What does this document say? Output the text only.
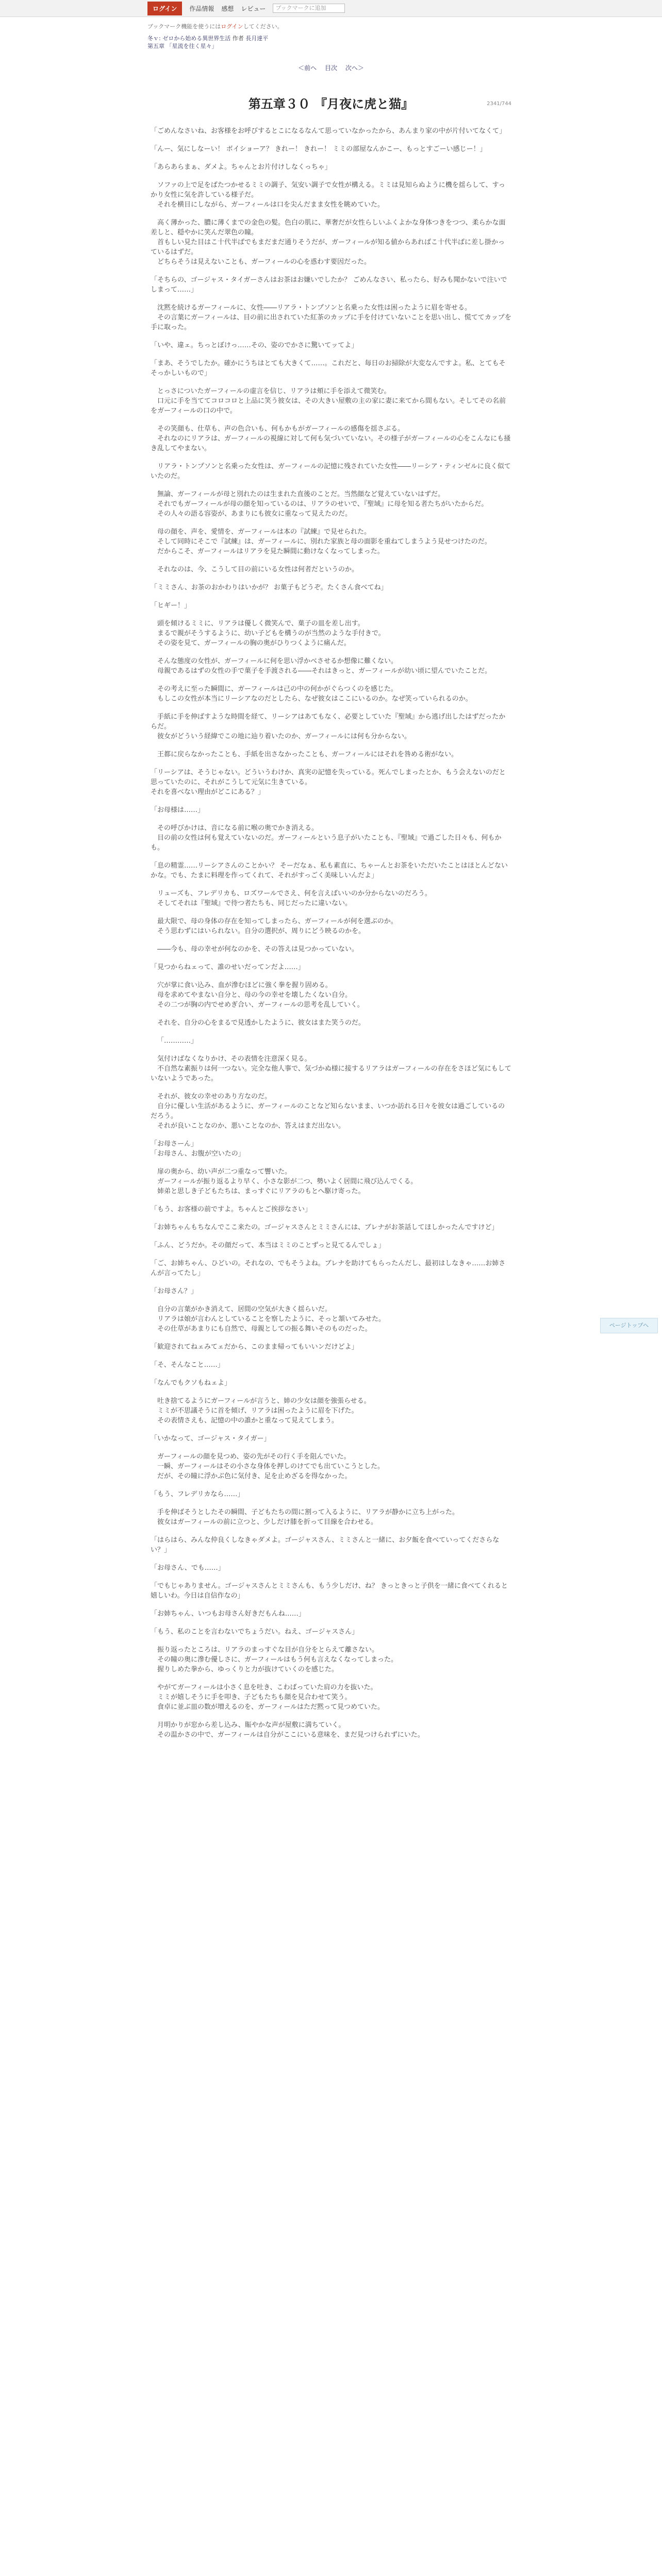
ログイン	作品情報 感想 レビュー	ブックマークに追加
ブックマーク機能を使うにはログインしてください。
冬ｖ: ゼロから始める異世界生活 作者 長月達平
第五章 「星流を往く星々」
＜前へ 目次 次へ＞
2341/744
第五章３０ 『月夜に虎と猫』

「ごめんなさいね、お客様をお呼びするとこになるなんて思っていなかったから、あんまり家の中が片付いてなくて」

「んー、気にしなーい！ ボイショーア？ きれー！ きれー！ ミミの部屋なんかこー、もっとすごーい感じー！」

「あらあらまぁ、ダメよ。ちゃんとお片付けしなくっちゃ」

ソファの上で足をばたつかせるミミの調子、気安い調子で女性が構える。ミミは見知らぬように機を揺らして、すっかり女性に気を許している様子だ。

それを横目にしながら、ガーフィールは口を尖んだまま女性を眺めていた。

高く薄かった、膿に薄くまでの金色の髪。色白の肌に、華奢だが女性らしいふくよかな身体つきをつつ、柔らかな面差しと、穏やかに笑んだ翠色の瞳。

首もしい見た目はこ十代半ばでもまだまだ通りそうだが、ガーフィールが知る値からあればこ十代半ばに差し掛かっているはずだ。

どちらそうは見えないことも、ガーフィールの心を惑わす要因だった。

「そちらの、ゴージャス・タイガーさんはお茶はお嫌いでしたか？ ごめんなさい、私ったら、好みも聞かないで注いでしまって……」

沈黙を続けるガーフィールに、女性――リアラ・トンプソンと名乗った女性は困ったように眉を寄せる。

その言葉にガーフィールは、目の前に出されていた紅茶のカップに手を付けていないことを思い出し、慌ててカップを手に取った。

「いや、違ェ。ちっとぼけっ……その、姿のでかさに驚いてッてよ」

「まあ、そうでしたか。確かにうちはとても大きくて……。これだと、毎日のお掃除が大変なんですよ。私、とてもそそっかしいもので」

とっさについたガーフィールの虚言を信じ、リアラは頬に手を添えて微笑む。

口元に手を当ててコロコロと上品に笑う彼女は、その大きい屋敷の主の家に妻に来てから間もない。そしてその名前をガーフィールの口の中で。

その笑顔も、仕草も、声の色合いも、何もかもがガーフィールの感傷を揺さぶる。

それなのにリアラは、ガーフィールの視線に対して何も気づいていない。その様子がガーフィールの心をこんなにも掻き乱してやまない。

リアラ・トンプソンと名乗った女性は、ガーフィールの記憶に残されていた女性――リーシア・ティンゼルに良く似ていたのだ。

無論、ガーフィールが母と別れたのは生まれた直後のことだ。当然顔など覚えていないはずだ。

それでもガーフィールが母の顔を知っているのは、リアラのせいで、『聖域』に母を知る者たちがいたからだ。

その人々の語る容姿が、あまりにも彼女に重なって見えたのだ。

母の顔を、声を、愛情を、ガーフィールは本の『試練』で見せられた。

そして同時にそこで『試練』は、ガーフィールに、別れた家族と母の面影を重ねてしまうよう見せつけたのだ。

だからこそ、ガーフィールはリアラを見た瞬間に動けなくなってしまった。

それなのは、今、こうして目の前にいる女性は何者だというのか。

「ミミさん、お茶のおかわりはいかが？ お菓子もどうぞ。たくさん食べてね」

「ヒギー！」

頭を傾けるミミに、リアラは優しく微笑んで、菓子の皿を差し出す。

まるで親がそうするように、幼い子どもを構うのが当然のような手付きで。

その姿を見て、ガーフィールの胸の奥がひりつくように痛んだ。

そんな態度の女性が、ガーフィールに何を思い浮かべさせるか想像に難くない。

母親であるはずの女性の手で菓子を手渡される――それはきっと、ガーフィールが幼い頃に望んでいたことだ。

その考えに至った瞬間に、ガーフィールは己の中の何かがぐらつくのを感じた。

もしこの女性が本当にリーシアなのだとしたら、なぜ彼女はここにいるのか。なぜ笑っていられるのか。

手紙に手を伸ばすような時間を経て、リーシアはあてもなく、必要としていた『聖域』から逃げ出したはずだったからだ。

彼女がどういう経緯でこの地に辿り着いたのか、ガーフィールには何も分からない。

王都に戻らなかったことも、手紙を出さなかったことも、ガーフィールにはそれを咎める術がない。

「リーシアは、そうじゃない。どういうわけか、真実の記憶を失っている。死んでしまったとか、もう会えないのだと思っていたのに、それがこうして元気に生きている。

それを喜べない理由がどこにある？」

「お母様は……」

その呼びかけは、音になる前に喉の奥でかき消える。

目の前の女性は何も覚えていないのだ。ガーフィールという息子がいたことも、『聖域』で過ごした日々も、何もかも。

「息の精霊……リーシアさんのことかい？ そーだなぁ、私も素直に、ちゃーんとお茶をいただいたことはほとんどないかな。でも、たまに料理を作ってくれて、それがすっごく美味しいんだよ」

リューズも、フレデリカも、ロズワールでさえ、何を言えばいいのか分からないのだろう。

そしてそれは『聖域』で待つ者たちも、同じだったに違いない。

最大限で、母の身体の存在を知ってしまったら、ガーフィールが何を選ぶのか。

そう思わずにはいられない。自分の選択が、周りにどう映るのかを。

――今も、母の幸せが何なのかを、その答えは見つかっていない。

「見つからねェって、誰のせいだってンだよ……」

穴が掌に食い込み、血が滲むほどに強く拳を握り固める。

母を求めてやまない自分と、母の今の幸せを壊したくない自分。

その二つが胸の内でせめぎ合い、ガーフィールの思考を乱していく。

それを、自分の心をまるで見透かしたように、彼女はまた笑うのだ。

「…………」

気付けばなくなりかけ、その表情を注意深く見る。

不自然な素振りは何一つない。完全な他人事で、気づかぬ様に接するリアラはガーフィールの存在をさほど気にもしていないようであった。

それが、彼女の幸せのあり方なのだ。

自分に優しい生活があるように、ガーフィールのことなど知らないまま、いつか訪れる日々を彼女は過ごしているのだろう。

それが良いことなのか、悪いことなのか、答えはまだ出ない。

「お母さーん」

「お母さん、お腹が空いたの」

扉の奥から、幼い声が二つ重なって響いた。

ガーフィールが振り返るより早く、小さな影が二つ、勢いよく居間に飛び込んでくる。

姉弟と思しき子どもたちは、まっすぐにリアラのもとへ駆け寄った。

「もう、お客様の前ですよ。ちゃんとご挨拶なさい」

「お姉ちゃんもちなんでここ来たの。ゴージャスさんとミミさんには、ブレナがお茶話してほしかったんですけど」

「ふん、どうだか。その顔だって、本当はミミのことずっと見てるんでしょ」

「ご、お姉ちゃん、ひどいの。それなの、でもそうよね。ブレナを助けてもらったんだし、最初はしなきゃ……お姉さんが言ってたし」

「お母さん？」

自分の言葉がかき消えて、居間の空気が大きく揺らいだ。

リアラは娘が言わんとしていることを察したように、そっと頷いてみせた。

その仕草があまりにも自然で、母親としての振る舞いそのものだった。

「歓迎されてねェみてェだから、このまま帰ってもいいンだけどよ」

「そ、そんなこと……」

「なんでもクソもねェよ」

吐き捨てるようにガーフィールが言うと、姉の少女は顔を強張らせる。

ミミが不思議そうに首を傾げ、リアラは困ったように眉を下げた。

その表情さえも、記憶の中の誰かと重なって見えてしまう。

「いかなって、ゴージャス・タイガー」

ガーフィールの顔を見つめ、姿の先がその行く手を阻んでいた。

一瞬、ガーフィールはその小さな身体を押しのけてでも出ていこうとした。

だが、その瞳に浮かぶ色に気付き、足を止めざるを得なかった。

「もう、フレデリカなら……」

手を伸ばそうとしたその瞬間、子どもたちの間に割って入るように、リアラが静かに立ち上がった。

彼女はガーフィールの前に立つと、少しだけ膝を折って目線を合わせる。

「はらはら、みんな仲良くしなきゃダメよ。ゴージャスさん、ミミさんと一緒に、お夕飯を食べていってくださらない？」

「お母さん、でも……」

「でもじゃありません。ゴージャスさんとミミさんも、もう少しだけ、ね？ きっときっと子供を一緒に食べてくれると嬉しいわ。今日は自信作なの」

「お姉ちゃん、いつもお母さん好きだもんね……」

「もう、私のことを言わないでちょうだい。ねえ、ゴージャスさん」

振り返ったところは、リアラのまっすぐな目が自分をとらえて離さない。

その瞳の奥に滲む優しさに、ガーフィールはもう何も言えなくなってしまった。

握りしめた拳から、ゆっくりと力が抜けていくのを感じた。

やがてガーフィールは小さく息を吐き、こわばっていた肩の力を抜いた。

ミミが嬉しそうに手を叩き、子どもたちも顔を見合わせて笑う。

食卓に並ぶ皿の数が増えるのを、ガーフィールはただ黙って見つめていた。

月明かりが窓から差し込み、賑やかな声が屋敷に満ちていく。

その温かさの中で、ガーフィールは自分がここにいる意味を、まだ見つけられずにいた。

ページトップへ
